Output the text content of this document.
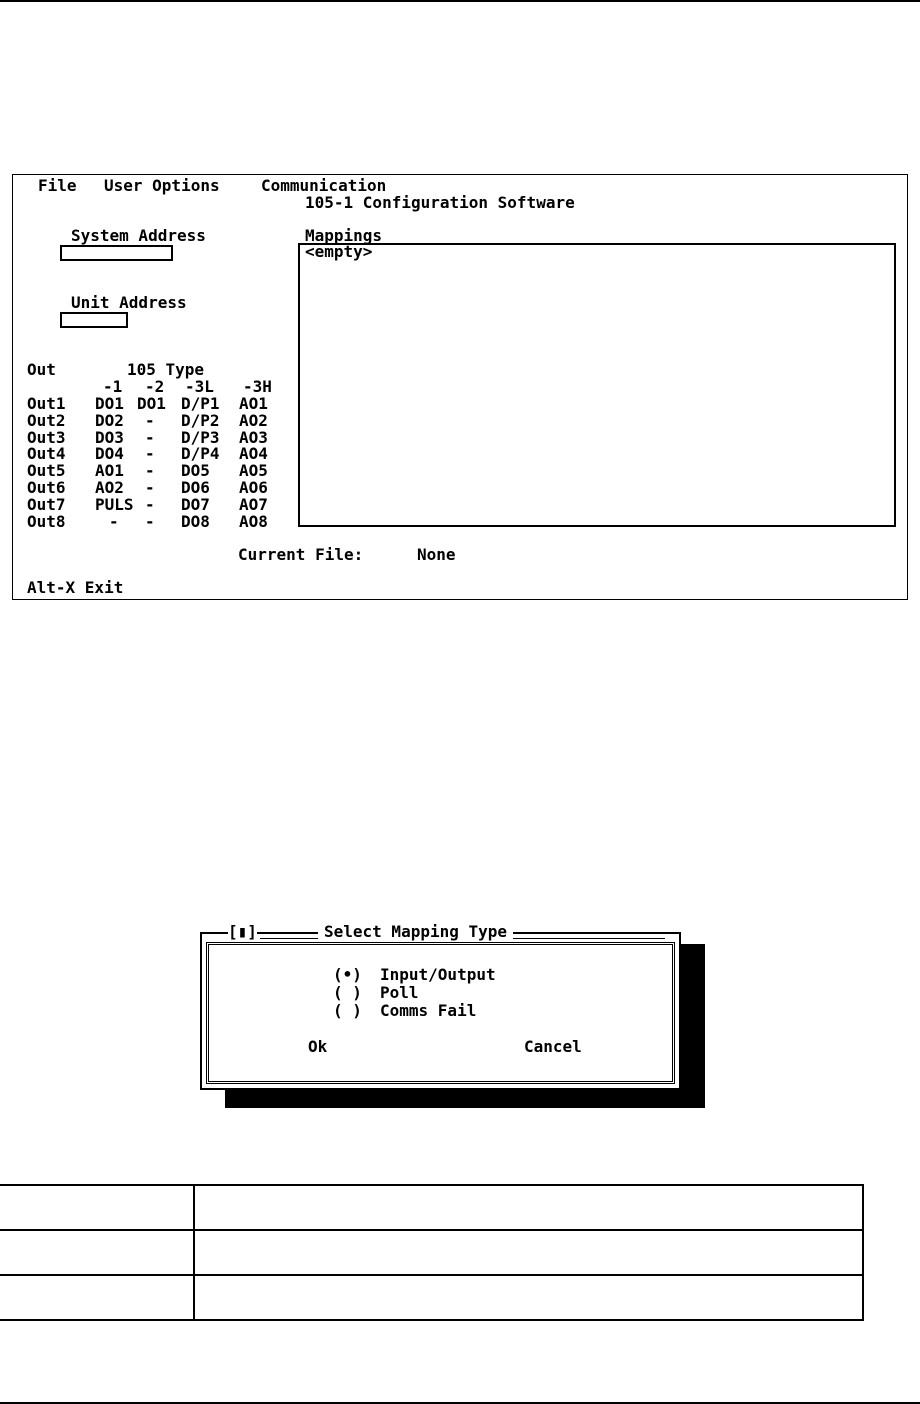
File User Options	Communication
105-1 Configuration Software
System Address
Unit Address
Mappings
<empty>
Out	105 Type
-1 -2 -3L -3H
Out1 DO1 DO1 D/P1 AO1
Out2 DO2 - D/P2 AO2
Out3 DO3 - D/P3 AO3
Out4 DO4 - D/P4 AO4
Out5 AO1 - DO5 AO5
Out6 AO2 - DO6 AO6
Out7 PULS - DO7 AO7
Out8	- - DO8 AO8
Current File:	None
Alt-X Exit
[▮]	Select Mapping Type
(•) Input/Output
( ) Poll
( ) Comms Fail
Ok	Cancel
